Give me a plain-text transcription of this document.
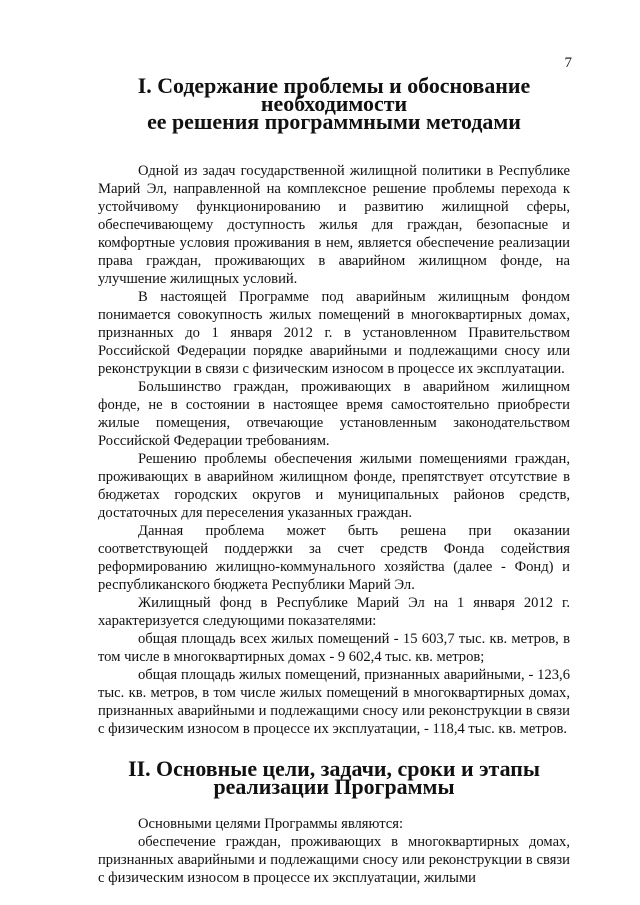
7
I. Содержание проблемы и обоснование необходимости
ее решения программными методами

Одной из задач государственной жилищной политики в Республике Марий Эл, направленной на комплексное решение проблемы перехода к устойчивому функционированию и развитию жилищной сферы, обеспечивающему доступность жилья для граждан, безопасные и комфортные условия проживания в нем, является обеспечение реализации права граждан, проживающих в аварийном жилищном фонде, на улучшение жилищных условий.

В настоящей Программе под аварийным жилищным фондом понимается совокупность жилых помещений в многоквартирных домах, признанных до 1 января 2012 г. в установленном Правительством Российской Федерации порядке аварийными и подлежащими сносу или реконструкции в связи с физическим износом в процессе их эксплуатации.

Большинство граждан, проживающих в аварийном жилищном фонде, не в состоянии в настоящее время самостоятельно приобрести жилые помещения, отвечающие установленным законодательством Российской Федерации требованиям.

Решению проблемы обеспечения жилыми помещениями граждан, проживающих в аварийном жилищном фонде, препятствует отсутствие в бюджетах городских округов и муниципальных районов средств, достаточных для переселения указанных граждан.

Данная проблема может быть решена при оказании соответствующей поддержки за счет средств Фонда содействия реформированию жилищно-коммунального хозяйства (далее - Фонд) и республиканского бюджета Республики Марий Эл.

Жилищный фонд в Республике Марий Эл на 1 января 2012 г. характеризуется следующими показателями:

общая площадь всех жилых помещений - 15 603,7 тыс. кв. метров, в том числе в многоквартирных домах - 9 602,4 тыс. кв. метров;

общая площадь жилых помещений, признанных аварийными, - 123,6 тыс. кв. метров, в том числе жилых помещений в многоквартирных домах, признанных аварийными и подлежащими сносу или реконструкции в связи с физическим износом в процессе их эксплуатации, - 118,4 тыс. кв. метров.

II. Основные цели, задачи, сроки и этапы реализации Программы

Основными целями Программы являются:

обеспечение граждан, проживающих в многоквартирных домах, признанных аварийными и подлежащими сносу или реконструкции в связи с физическим износом в процессе их эксплуатации, жилыми
